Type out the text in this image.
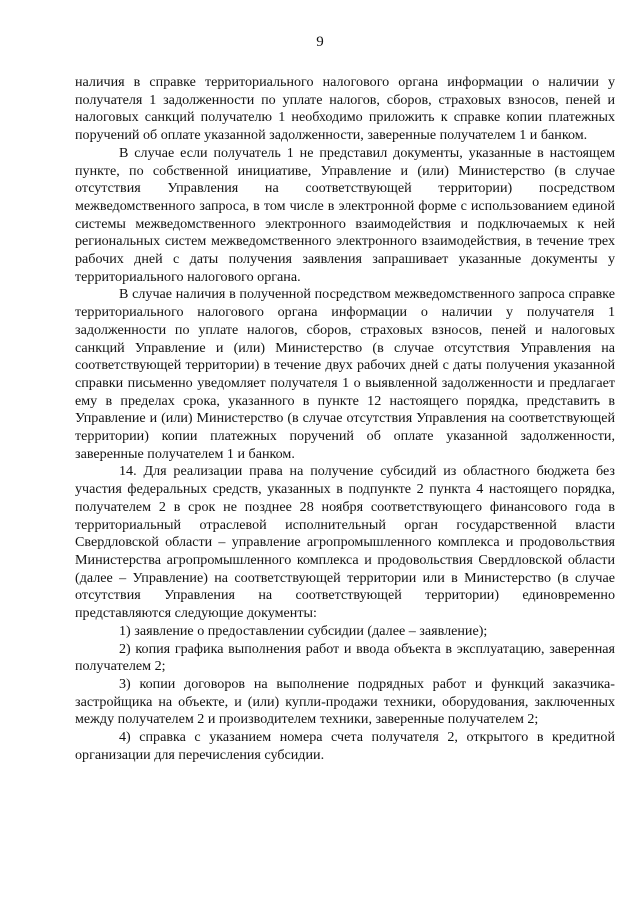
9

наличия в справке территориального налогового органа информации о наличии у получателя 1 задолженности по уплате налогов, сборов, страховых взносов, пеней и налоговых санкций получателю 1 необходимо приложить к справке копии платежных поручений об оплате указанной задолженности, заверенные получателем 1 и банком.

В случае если получатель 1 не представил документы, указанные в настоящем пункте, по собственной инициативе, Управление и (или) Министерство (в случае отсутствия Управления на соответствующей территории) посредством межведомственного запроса, в том числе в электронной форме с использованием единой системы межведомственного электронного взаимодействия и подключаемых к ней региональных систем межведомственного электронного взаимодействия, в течение трех рабочих дней с даты получения заявления запрашивает указанные документы у территориального налогового органа.

В случае наличия в полученной посредством межведомственного запроса справке территориального налогового органа информации о наличии у получателя 1 задолженности по уплате налогов, сборов, страховых взносов, пеней и налоговых санкций Управление и (или) Министерство (в случае отсутствия Управления на соответствующей территории) в течение двух рабочих дней с даты получения указанной справки письменно уведомляет получателя 1 о выявленной задолженности и предлагает ему в пределах срока, указанного в пункте 12 настоящего порядка, представить в Управление и (или) Министерство (в случае отсутствия Управления на соответствующей территории) копии платежных поручений об оплате указанной задолженности, заверенные получателем 1 и банком.

14. Для реализации права на получение субсидий из областного бюджета без участия федеральных средств, указанных в подпункте 2 пункта 4 настоящего порядка, получателем 2 в срок не позднее 28 ноября соответствующего финансового года в территориальный отраслевой исполнительный орган государственной власти Свердловской области – управление агропромышленного комплекса и продовольствия Министерства агропромышленного комплекса и продовольствия Свердловской области (далее – Управление) на соответствующей территории или в Министерство (в случае отсутствия Управления на соответствующей территории) единовременно представляются следующие документы:

1) заявление о предоставлении субсидии (далее – заявление);

2) копия графика выполнения работ и ввода объекта в эксплуатацию, заверенная получателем 2;

3) копии договоров на выполнение подрядных работ и функций заказчика-застройщика на объекте, и (или) купли-продажи техники, оборудования, заключенных между получателем 2 и производителем техники, заверенные получателем 2;

4) справка с указанием номера счета получателя 2, открытого в кредитной организации для перечисления субсидии.
